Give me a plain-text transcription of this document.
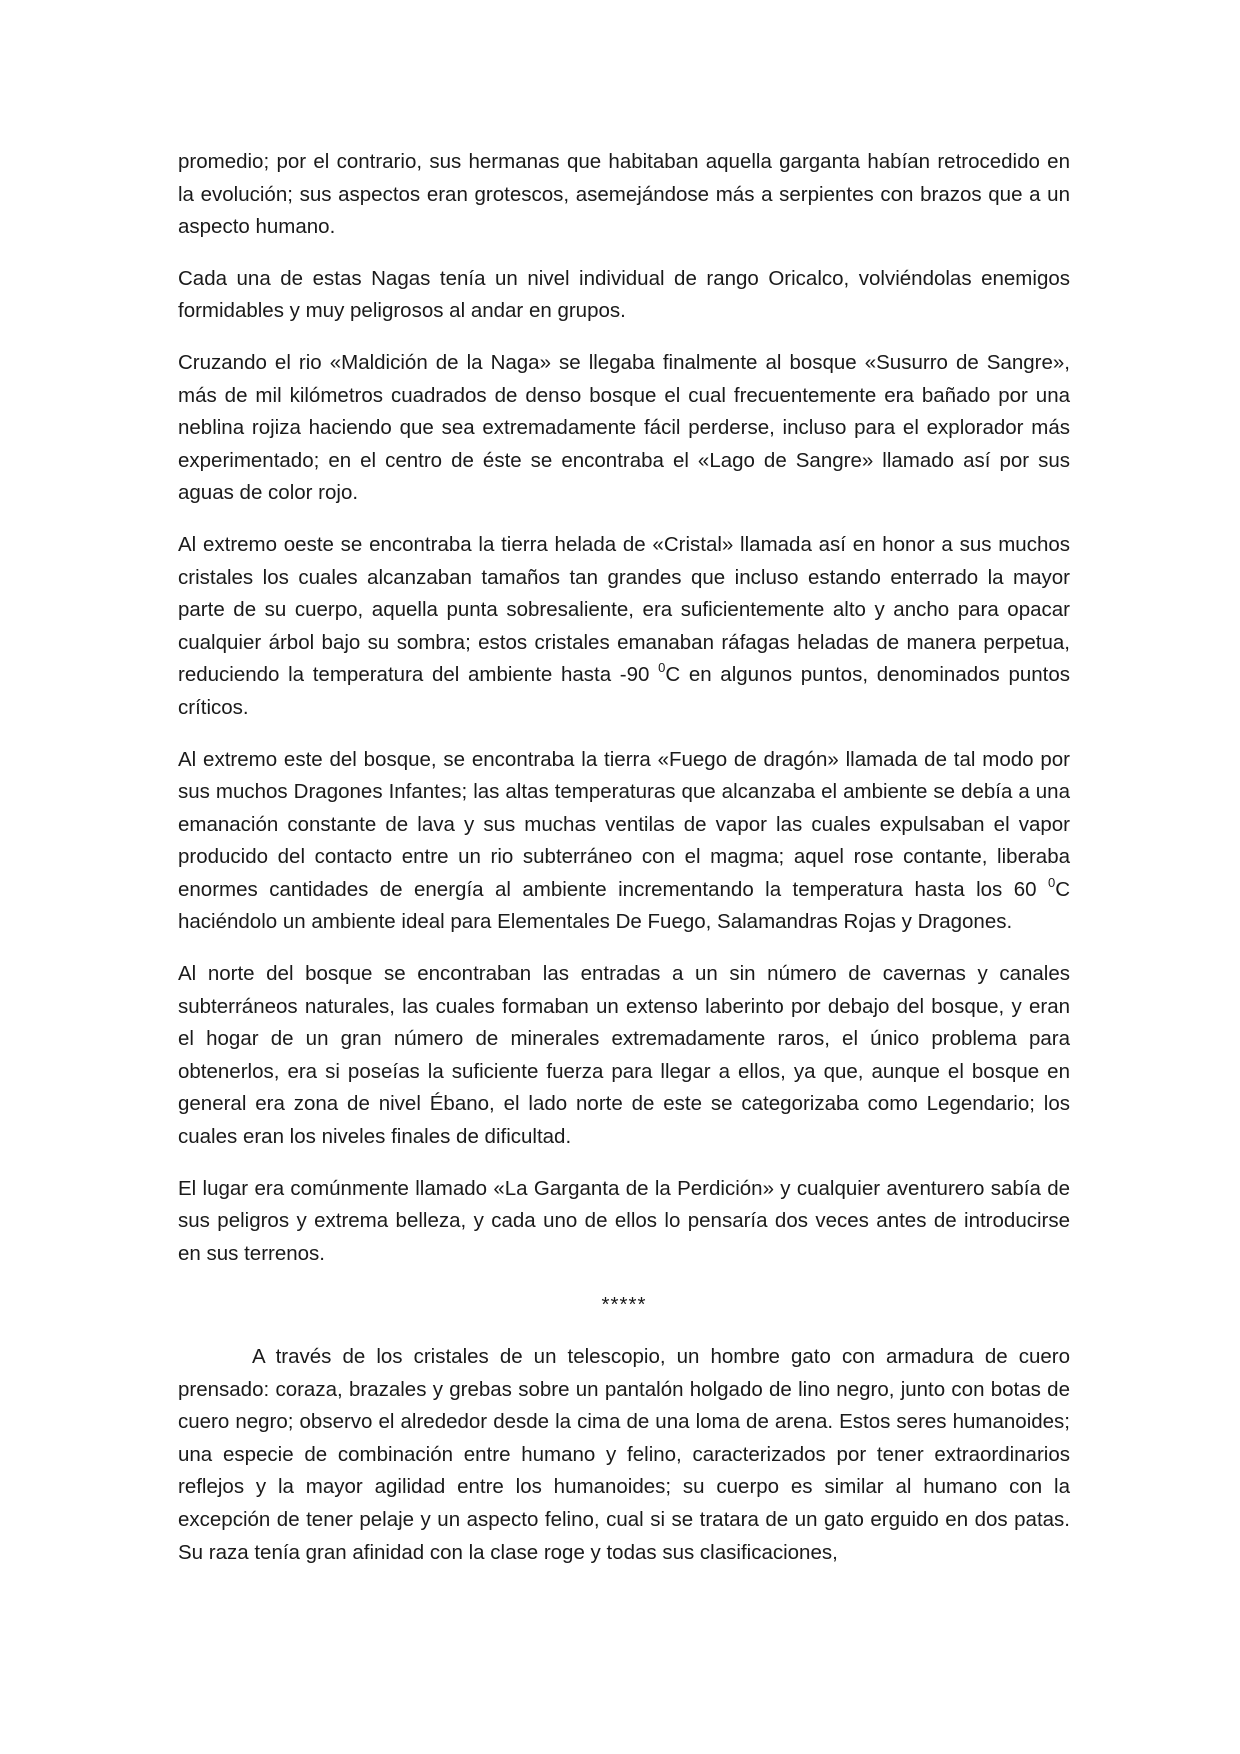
promedio; por el contrario, sus hermanas que habitaban aquella garganta habían retrocedido en la evolución; sus aspectos eran grotescos, asemejándose más a serpientes con brazos que a un aspecto humano.

Cada una de estas Nagas tenía un nivel individual de rango Oricalco, volviéndolas enemigos formidables y muy peligrosos al andar en grupos.

Cruzando el rio «Maldición de la Naga» se llegaba finalmente al bosque «Susurro de Sangre», más de mil kilómetros cuadrados de denso bosque el cual frecuentemente era bañado por una neblina rojiza haciendo que sea extremadamente fácil perderse, incluso para el explorador más experimentado; en el centro de éste se encontraba el «Lago de Sangre» llamado así por sus aguas de color rojo.

Al extremo oeste se encontraba la tierra helada de «Cristal» llamada así en honor a sus muchos cristales los cuales alcanzaban tamaños tan grandes que incluso estando enterrado la mayor parte de su cuerpo, aquella punta sobresaliente, era suficientemente alto y ancho para opacar cualquier árbol bajo su sombra; estos cristales emanaban ráfagas heladas de manera perpetua, reduciendo la temperatura del ambiente hasta -90 $^0$C en algunos puntos, denominados puntos críticos.

Al extremo este del bosque, se encontraba la tierra «Fuego de dragón» llamada de tal modo por sus muchos Dragones Infantes; las altas temperaturas que alcanzaba el ambiente se debía a una emanación constante de lava y sus muchas ventilas de vapor las cuales expulsaban el vapor producido del contacto entre un rio subterráneo con el magma; aquel rose contante, liberaba enormes cantidades de energía al ambiente incrementando la temperatura hasta los 60 $^0$C haciéndolo un ambiente ideal para Elementales De Fuego, Salamandras Rojas y Dragones.

Al norte del bosque se encontraban las entradas a un sin número de cavernas y canales subterráneos naturales, las cuales formaban un extenso laberinto por debajo del bosque, y eran el hogar de un gran número de minerales extremadamente raros, el único problema para obtenerlos, era si poseías la suficiente fuerza para llegar a ellos, ya que, aunque el bosque en general era zona de nivel Ébano, el lado norte de este se categorizaba como Legendario; los cuales eran los niveles finales de dificultad.

El lugar era comúnmente llamado «La Garganta de la Perdición» y cualquier aventurero sabía de sus peligros y extrema belleza, y cada uno de ellos lo pensaría dos veces antes de introducirse en sus terrenos.

*****

A través de los cristales de un telescopio, un hombre gato con armadura de cuero prensado: coraza, brazales y grebas sobre un pantalón holgado de lino negro, junto con botas de cuero negro; observo el alrededor desde la cima de una loma de arena. Estos seres humanoides; una especie de combinación entre humano y felino, caracterizados por tener extraordinarios reflejos y la mayor agilidad entre los humanoides; su cuerpo es similar al humano con la excepción de tener pelaje y un aspecto felino, cual si se tratara de un gato erguido en dos patas. Su raza tenía gran afinidad con la clase roge y todas sus clasificaciones,
